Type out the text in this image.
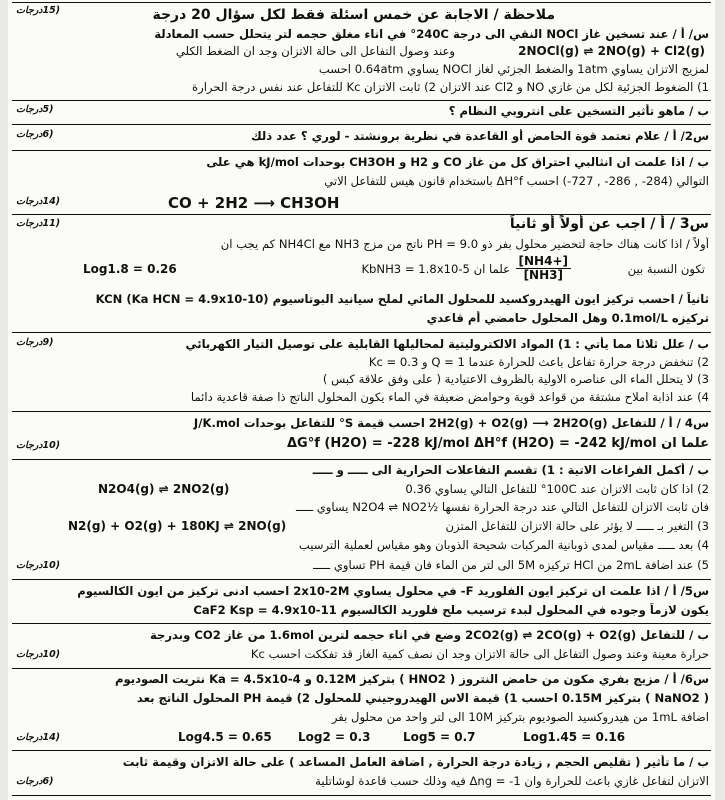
(15درجات	ملاحظة / الاجابة عن خمس اسئلة فقط لكل سؤال 20 درجة
س/ أ / عند تسخين غاز NOCl النقي الى درجة 240C° في اناء مغلق حجمه لتر يتحلل حسب المعادلة
وعند وصول التفاعل الى حالة الاتزان وجد ان الضغط الكلي	2NOCl(g) ⇌ 2NO(g) + Cl2(g)
لمزيج الاتزان يساوي 1atm والضغط الجزئي لغاز NOCl يساوي 0.64atm احسب
1) الضغوط الجزئية لكل من غازي NO و Cl2 عند الاتزان 2) ثابت الاتزان Kc للتفاعل عند نفس درجة الحرارة
(5درجات	ب / ماهو تأثير التسخين على انتروبي النظام ؟
(6درجات	س2/ أ / علام تعتمد قوة الحامض أو القاعدة في نظرية برونشتد - لوري ؟ عدد ذلك
ب / اذا علمت ان انثالبي احتراق كل من غاز CO و H2 و CH3OH بوحدات kJ/mol هي على
التوالي (284- , 286- , 727-) احسب ΔH°f باستخدام قانون هيس للتفاعل الاتي
(14درجات	CO + 2H2 ⟶ CH3OH
(11درجات	س3 / أ / اجب عن أولاً أو ثانياً
أولاً / اذا كانت هناك حاجة لتحضير محلول بفر ذو PH = 9.0 ناتج من مزج NH3 مع NH4Cl كم يجب ان
تكون النسبة بين
$\frac{[NH4+]}{[NH3]}$
علما ان KbNH3 = 1.8x10-5
Log1.8 = 0.26
ثانياً / احسب تركيز ايون الهيدروكسيد للمحلول المائي لملح سيانيد البوتاسيوم KCN (Ka HCN = 4.9x10-10)
تركيزه 0.1mol/L وهل المحلول حامضي أم قاعدي
(9درجات	ب / علل ثلاثا مما يأتي : 1) المواد الالكتروليتية لمحاليلها القابلية على توصيل التيار الكهربائي
2) تنخفض درجة حرارة تفاعل باعث للحرارة عندما Q = 1 و Kc = 0.3
3) لا يتحلل الماء الى عناصره الاولية بالظروف الاعتيادية ( على وفق علاقة كبس )
4) عند اذابة املاح مشتقة من قواعد قوية وحوامض ضعيفة في الماء يكون المحلول الناتج ذا صفة قاعدية دائما
س4 / أ / للتفاعل 2H2(g) + O2(g) ⟶ 2H2O(g) احسب قيمة S° للتفاعل بوحدات J/K.mol
(10درجات	علماً ان ΔG°f (H2O) = -228 kJ/mol ΔH°f (H2O) = -242 kJ/mol
ب / أكمل الفراغات الاتية : 1) تقسم التفاعلات الحرارية الى ـــــ و ـــــ
N2O4(g) ⇌ 2NO2(g)	2) اذا كان ثابت الاتزان عند 100C° للتفاعل التالي يساوي 0.36
فان ثابت الاتزان للتفاعل التالي عند درجة الحرارة نفسها ½N2O4 ⇌ NO2 يساوي ـــــ
N2(g) + O2(g) + 180KJ ⇌ 2NO(g)	3) التغير بـ ـــــ لا يؤثر على حالة الاتزان للتفاعل المتزن
4) بعد ـــــ مقياس لمدى ذوبانية المركبات شحيحة الذوبان وهو مقياس لعملية الترسيب
(10درجات	5) عند اضافة 2mL من HCl تركيزه 5M الى لتر من الماء فان قيمة PH تساوي ـــــ
س5/ أ / اذا علمت ان تركيز ايون الفلوريد F- في محلول يساوي 2x10-2M احسب ادنى تركيز من ايون الكالسيوم
يكون لازماً وجوده في المحلول لبدء ترسيب ملح فلوريد الكالسيوم CaF2 Ksp = 4.9x10-11
ب / للتفاعل 2CO2(g) ⇌ 2CO(g) + O2(g) وضع في اناء حجمه لترين 1.6mol من غاز CO2 وبدرجة
(10درجات	حرارة معينة وعند وصول التفاعل الى حالة الاتزان وجد ان نصف كمية الغاز قد تفككت احسب Kc
س6/ أ / مزيج بفري مكون من حامض النتروز ( HNO2 ) بتركيز 0.12M و Ka = 4.5x10-4 نتريت الصوديوم
( NaNO2 ) بتركيز 0.15M احسب 1) قيمة الاس الهيدروجيني للمحلول 2) قيمة PH المحلول الناتج بعد
اضافة 1mL من هيدروكسيد الصوديوم بتركيز 10M الى لتر واحد من محلول بفر
(14درجات	Log4.5 = 0.65 Log2 = 0.3	Log5 = 0.7	Log1.45 = 0.16
ب / ما تأثير ( تقليص الحجم , زيادة درجة الحرارة , اضافة العامل المساعد ) على حالة الاتزان وقيمة ثابت
(6درجات	الاتزان لتفاعل غازي باعث للحرارة وان Δng = -1 فيه وذلك حسب قاعدة لوشاتلية
